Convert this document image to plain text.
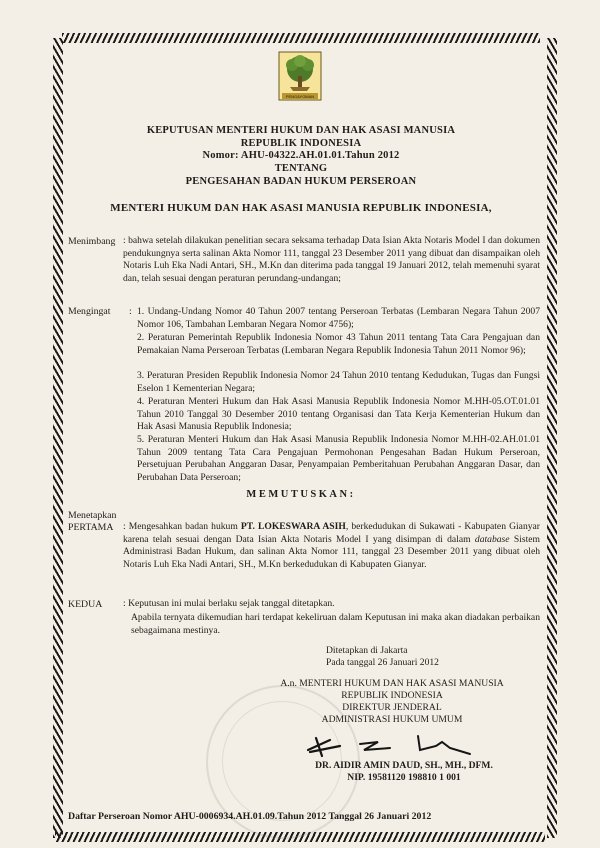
PENGAYOMAN
KEPUTUSAN MENTERI HUKUM DAN HAK ASASI MANUSIA
REPUBLIK INDONESIA
Nomor: AHU-04322.AH.01.01.Tahun 2012
TENTANG
PENGESAHAN BADAN HUKUM PERSEROAN
MENTERI HUKUM DAN HAK ASASI MANUSIA REPUBLIK INDONESIA,
Menimbang : bahwa setelah dilakukan penelitian secara seksama terhadap Data Isian Akta Notaris Model I dan dokumen pendukungnya serta salinan Akta Nomor 111, tanggal 23 Desember 2011 yang dibuat dan disampaikan oleh Notaris Luh Eka Nadi Antari, SH., M.Kn dan diterima pada tanggal 19 Januari 2012, telah memenuhi syarat dan, telah sesuai dengan peraturan perundang-undangan;
Mengingat : 1. Undang-Undang Nomor 40 Tahun 2007 tentang Perseroan Terbatas (Lembaran Negara Tahun 2007 Nomor 106, Tambahan Lembaran Negara Nomor 4756);
2. Peraturan Pemerintah Republik Indonesia Nomor 43 Tahun 2011 tentang Tata Cara Pengajuan dan Pemakaian Nama Perseroan Terbatas (Lembaran Negara Republik Indonesia Tahun 2011 Nomor 96);
3. Peraturan Presiden Republik Indonesia Nomor 24 Tahun 2010 tentang Kedudukan, Tugas dan Fungsi Eselon 1 Kementerian Negara;
4. Peraturan Menteri Hukum dan Hak Asasi Manusia Republik Indonesia Nomor M.HH-05.OT.01.01 Tahun 2010 Tanggal 30 Desember 2010 tentang Organisasi dan Tata Kerja Kementerian Hukum dan Hak Asasi Manusia Republik Indonesia;
5. Peraturan Menteri Hukum dan Hak Asasi Manusia Republik Indonesia Nomor M.HH-02.AH.01.01 Tahun 2009 tentang Tata Cara Pengajuan Permohonan Pengesahan Badan Hukum Perseroan, Persetujuan Perubahan Anggaran Dasar, Penyampaian Pemberitahuan Perubahan Anggaran Dasar, dan Perubahan Data Perseroan;
MEMUTUSKAN:
Menetapkan
PERTAMA : Mengesahkan badan hukum PT. LOKESWARA ASIH, berkedudukan di Sukawati - Kabupaten Gianyar karena telah sesuai dengan Data Isian Akta Notaris Model I yang disimpan di dalam database Sistem Administrasi Badan Hukum, dan salinan Akta Nomor 111, tanggal 23 Desember 2011 yang dibuat oleh Notaris Luh Eka Nadi Antari, SH., M.Kn berkedudukan di Kabupaten Gianyar.
KEDUA : Keputusan ini mulai berlaku sejak tanggal ditetapkan.
Apabila ternyata dikemudian hari terdapat kekeliruan dalam Keputusan ini maka akan diadakan perbaikan sebagaimana mestinya.
Ditetapkan di Jakarta
Pada tanggal 26 Januari 2012
A.n. MENTERI HUKUM DAN HAK ASASI MANUSIA
REPUBLIK INDONESIA
DIREKTUR JENDERAL
ADMINISTRASI HUKUM UMUM
DR. AIDIR AMIN DAUD, SH., MH., DFM.
NIP. 19581120 198810 1 001
Daftar Perseroan Nomor AHU-0006934.AH.01.09.Tahun 2012 Tanggal 26 Januari 2012
